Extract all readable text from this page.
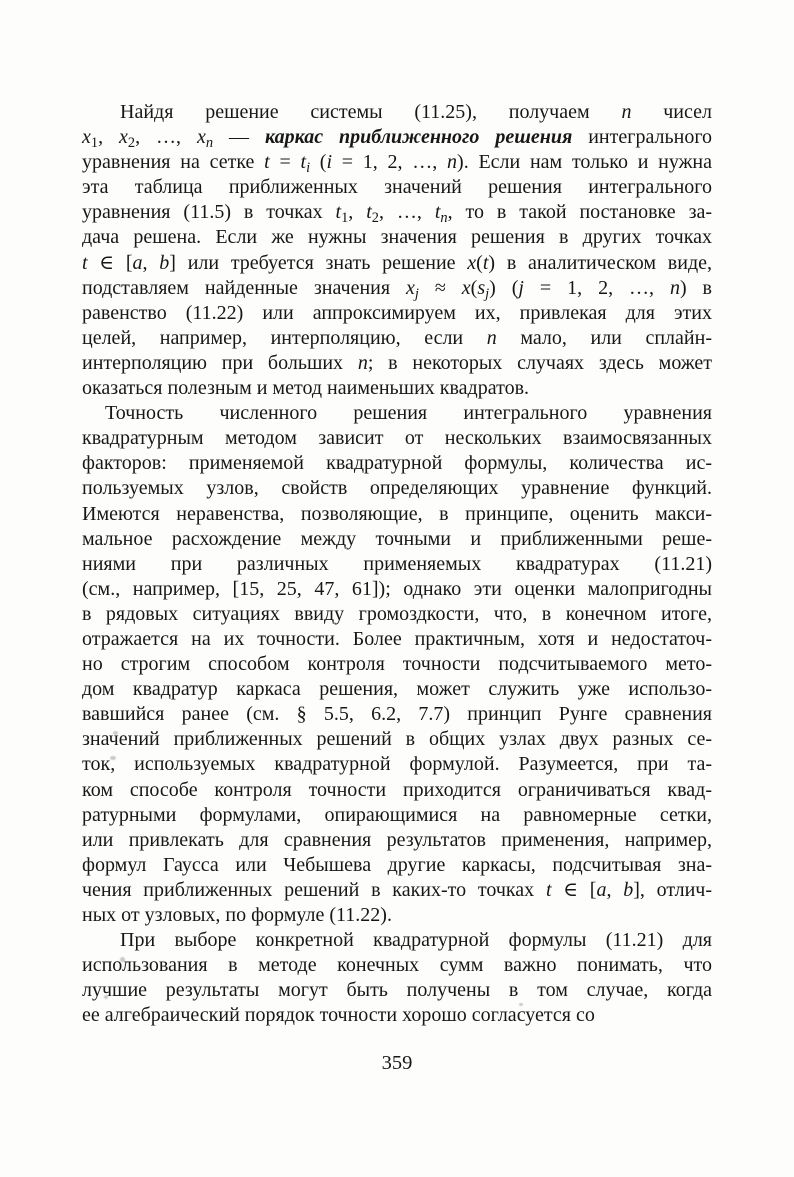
Найдя решение системы (11.25), получаем n чисел
$x_1$, $x_2$, …, $x_n$ — каркас приближенного решения интегрального
уравнения на сетке $t = t_i$ (i = 1, 2, …, n). Если нам только и нужна
эта таблица приближенных значений решения интегрального
уравнения (11.5) в точках $t_1$, $t_2$, …, $t_n$, то в такой постановке за-
дача решена. Если же нужны значения решения в других точках
t ∈ [a, b] или требуется знать решение x(t) в аналитическом виде,
подставляем найденные значения $x_j \approx x(s_j) (j = 1$, 2, …, n) в
равенство (11.22) или аппроксимируем их, привлекая для этих
целей, например, интерполяцию, если n мало, или сплайн-
интерполяцию при больших n; в некоторых случаях здесь может
оказаться полезным и метод наименьших квадратов.
Точность численного решения интегрального уравнения
квадратурным методом зависит от нескольких взаимосвязанных
факторов: применяемой квадратурной формулы, количества ис-
пользуемых узлов, свойств определяющих уравнение функций.
Имеются неравенства, позволяющие, в принципе, оценить макси-
мальное расхождение между точными и приближенными реше-
ниями при различных применяемых квадратурах (11.21)
(см., например, [15, 25, 47, 61]); однако эти оценки малопригодны
в рядовых ситуациях ввиду громоздкости, что, в конечном итоге,
отражается на их точности. Более практичным, хотя и недостаточ-
но строгим способом контроля точности подсчитываемого мето-
дом квадратур каркаса решения, может служить уже использо-
вавшийся ранее (см. § 5.5, 6.2, 7.7) принцип Рунге сравнения
значений приближенных решений в общих узлах двух разных се-
ток, используемых квадратурной формулой. Разумеется, при та-
ком способе контроля точности приходится ограничиваться квад-
ратурными формулами, опирающимися на равномерные сетки,
или привлекать для сравнения результатов применения, например,
формул Гаусса или Чебышева другие каркасы, подсчитывая зна-
чения приближенных решений в каких-то точках t ∈ [a, b], отлич-
ных от узловых, по формуле (11.22).
При выборе конкретной квадратурной формулы (11.21) для
использования в методе конечных сумм важно понимать, что
лучшие результаты могут быть получены в том случае, когда
ее алгебраический порядок точности хорошо согласуется со
359
